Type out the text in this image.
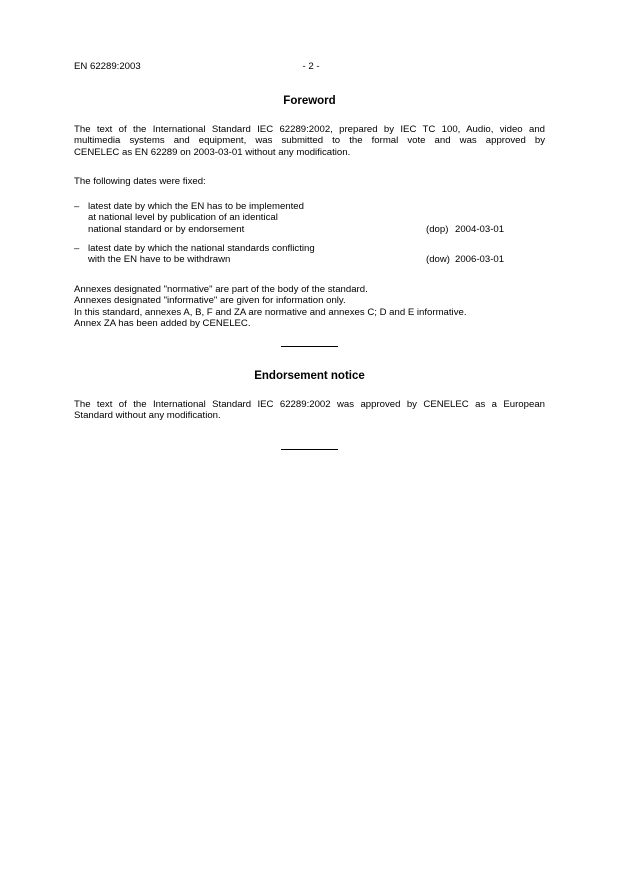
EN 62289:2003	- 2 -
Foreword
The text of the International Standard IEC 62289:2002, prepared by IEC TC 100, Audio, video and
multimedia systems and equipment, was submitted to the formal vote and was approved by
CENELEC as EN 62289 on 2003-03-01 without any modification.
The following dates were fixed:
– latest date by which the EN has to be implemented
at national level by publication of an identical
national standard or by endorsement	(dop) 2004-03-01
– latest date by which the national standards conflicting
with the EN have to be withdrawn	(dow) 2006-03-01
Annexes designated "normative" are part of the body of the standard.
Annexes designated "informative" are given for information only.
In this standard, annexes A, B, F and ZA are normative and annexes C; D and E informative.
Annex ZA has been added by CENELEC.
Endorsement notice
The text of the International Standard IEC 62289:2002 was approved by CENELEC as a European
Standard without any modification.
